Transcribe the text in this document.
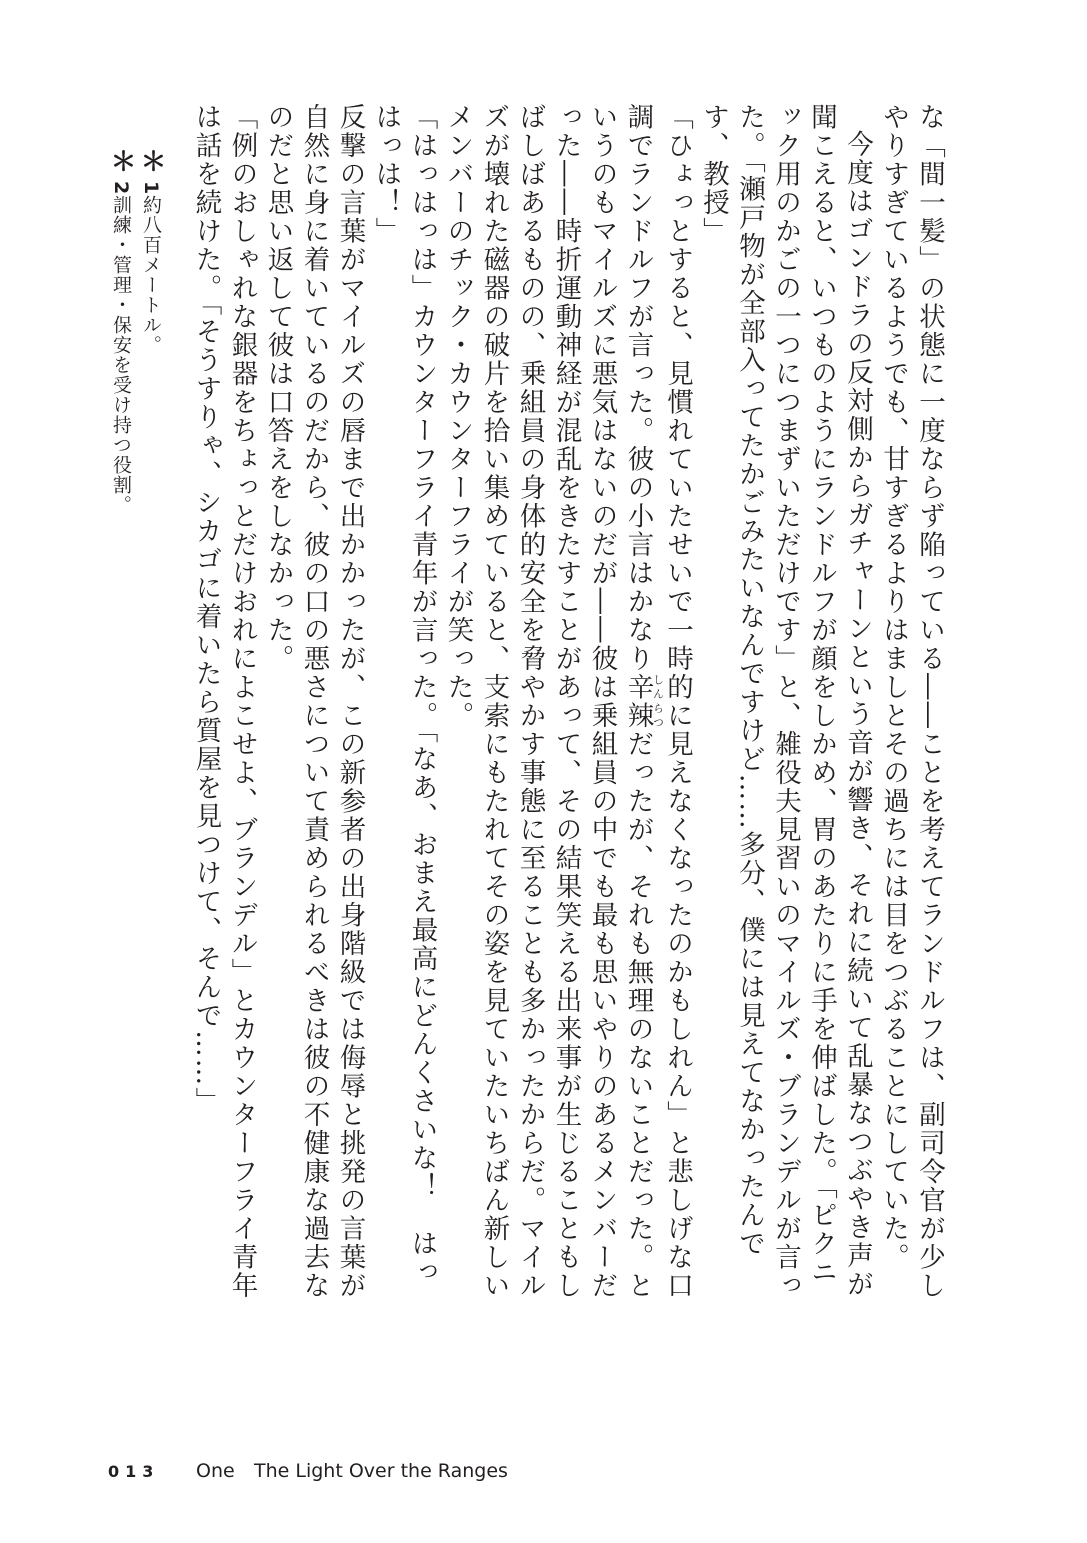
な「間一髪」の状態に一度ならず陥っている――ことを考えてランドルフは、副司令官が少しやりすぎているようでも、甘すぎるよりはましとその過ちには目をつぶることにしていた。

今度はゴンドラの反対側からガチャーンという音が響き、それに続いて乱暴なつぶやき声が聞こえると、いつものようにランドルフが顔をしかめ、胃のあたりに手を伸ばした。「ピクニック用のかごの一つにつまずいただけです」と、雑役夫見習いのマイルズ・ブランデルが言った。「瀬戸物が全部入ってたかごみたいなんですけど……多分、僕には見えてなかったんです、教授」

「ひょっとすると、見慣れていたせいで一時的に見えなくなったのかもしれん」と悲しげな口調でランドルフが言った。彼の小言はかなり辛辣しんらつだったが、それも無理のないことだった。というのもマイルズに悪気はないのだが――彼は乗組員の中でも最も思いやりのあるメンバーだった――時折運動神経が混乱をきたすことがあって、その結果笑える出来事が生じることもしばしばあるものの、乗組員の身体的安全を脅やかす事態に至ることも多かったからだ。マイルズが壊れた磁器の破片を拾い集めていると、支索にもたれてその姿を見ていたいちばん新しいメンバーのチック・カウンターフライが笑った。

「はっはっは」カウンターフライ青年が言った。「なあ、おまえ最高にどんくさいな！　はっはっは！」

反撃の言葉がマイルズの唇まで出かかったが、この新参者の出身階級では侮辱と挑発の言葉が自然に身に着いているのだから、彼の口の悪さについて責められるべきは彼の不健康な過去なのだと思い返して彼は口答えをしなかった。

「例のおしゃれな銀器をちょっとだけおれによこせよ、ブランデル」とカウンターフライ青年は話を続けた。「そうすりゃ、シカゴに着いたら質屋を見つけて、そんで……」

＊1約八百メートル。
＊2訓練・管理・保安を受け持つ役割。
013 One The Light Over the Ranges
